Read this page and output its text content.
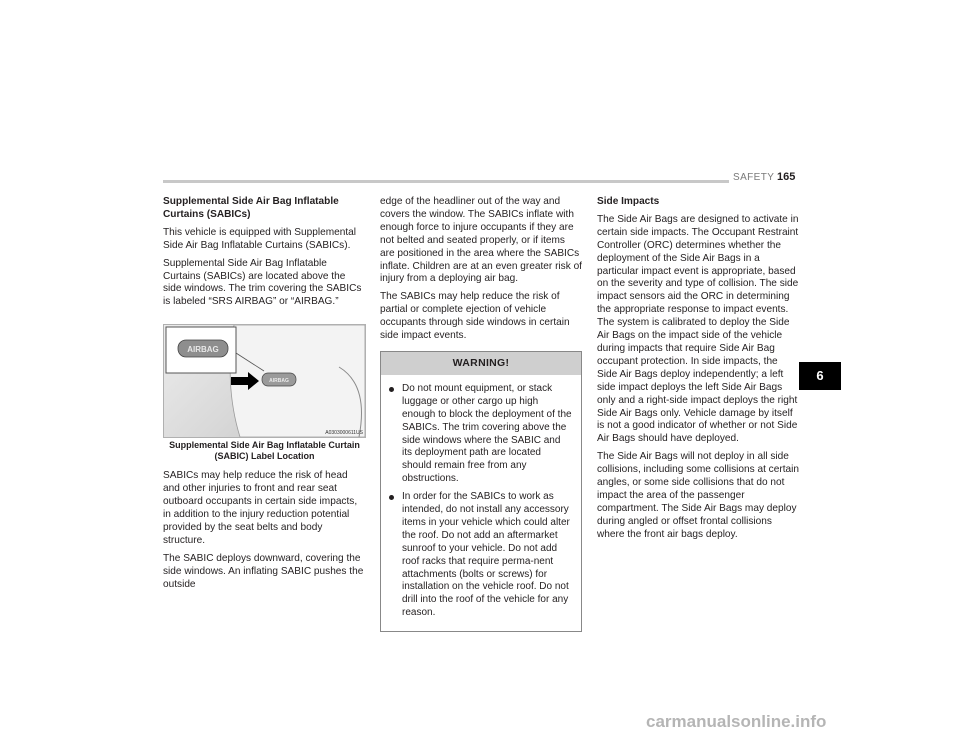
SAFETY 165
Supplemental Side Air Bag Inflatable Curtains (SABICs)

This vehicle is equipped with Supplemental Side Air Bag Inflatable Curtains (SABICs).

Supplemental Side Air Bag Inflatable Curtains (SABICs) are located above the side windows. The trim covering the SABICs is labeled “SRS AIRBAG” or “AIRBAG.”

AIRBAG
AIRBAG
A0303000611US
Supplemental Side Air Bag Inflatable Curtain (SABIC) Label Location

SABICs may help reduce the risk of head and other injuries to front and rear seat outboard occupants in certain side impacts, in addition to the injury reduction potential provided by the seat belts and body structure.

The SABIC deploys downward, covering the side windows. An inflating SABIC pushes the outside

edge of the headliner out of the way and covers the window. The SABICs inflate with enough force to injure occupants if they are not belted and seated properly, or if items are positioned in the area where the SABICs inflate. Children are at an even greater risk of injury from a deploying air bag.

The SABICs may help reduce the risk of partial or complete ejection of vehicle occupants through side windows in certain side impact events.

WARNING!
Do not mount equipment, or stack luggage or other cargo up high enough to block the deployment of the SABICs. The trim covering above the side windows where the SABIC and its deployment path are located should remain free from any obstructions.
In order for the SABICs to work as intended, do not install any accessory items in your vehicle which could alter the roof. Do not add an aftermarket sunroof to your vehicle. Do not add roof racks that require perma-nent attachments (bolts or screws) for installation on the vehicle roof. Do not drill into the roof of the vehicle for any reason.
Side Impacts

The Side Air Bags are designed to activate in certain side impacts. The Occupant Restraint Controller (ORC) determines whether the deployment of the Side Air Bags in a particular impact event is appropriate, based on the severity and type of collision. The side impact sensors aid the ORC in determining the appropriate response to impact events. The system is calibrated to deploy the Side Air Bags on the impact side of the vehicle during impacts that require Side Air Bag occupant protection. In side impacts, the Side Air Bags deploy independently; a left side impact deploys the left Side Air Bags only and a right-side impact deploys the right Side Air Bags only. Vehicle damage by itself is not a good indicator of whether or not Side Air Bags should have deployed.

The Side Air Bags will not deploy in all side collisions, including some collisions at certain angles, or some side collisions that do not impact the area of the passenger compartment. The Side Air Bags may deploy during angled or offset frontal collisions where the front air bags deploy.

6
carmanualsonline.info
